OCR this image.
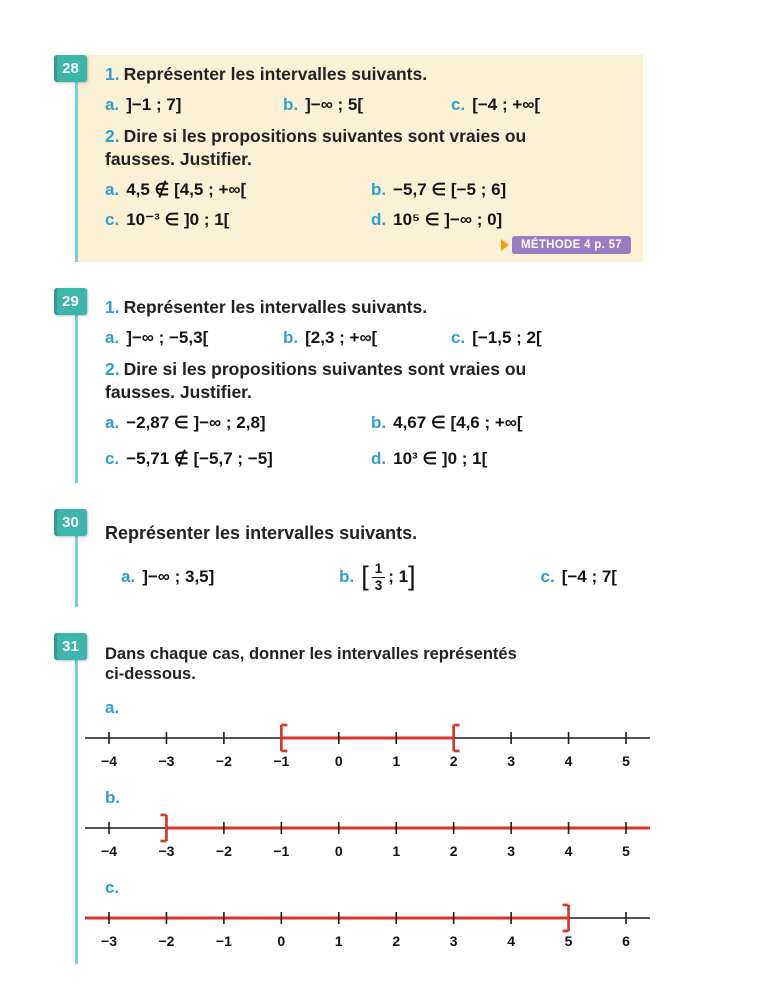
28	1. Représenter les intervalles suivants.

a. ]−1 ; 7]	b. ]−∞ ; 5[	c. [−4 ; +∞[

2. Dire si les propositions suivantes sont vraies ou fausses. Justifier.

a. 4,5 ∉ [4,5 ; +∞[	b. −5,7 ∈ [−5 ; 6]
c. 10⁻³ ∈ ]0 ; 1[	d. 10⁵ ∈ ]−∞ ; 0]
MÉTHODE 4 p. 57
29	1. Représenter les intervalles suivants.

a. ]−∞ ; −5,3[	b. [2,3 ; +∞[	c. [−1,5 ; 2[

2. Dire si les propositions suivantes sont vraies ou fausses. Justifier.

a. −2,87 ∈ ]−∞ ; 2,8]	b. 4,67 ∈ [4,6 ; +∞[
c. −5,71 ∉ [−5,7 ; −5]	d. 10³ ∈ ]0 ; 1[
30

Représenter les intervalles suivants.

a. ]−∞ ; 3,5]	b. [ $\frac{1}{3}$ ; 1 ]	c. [−4 ; 7[
31	Dans chaque cas, donner les intervalles représentés

ci-dessous.

a.

−4	−3	−2	−1	0	1	2	3	4	5

b.

−4	−3	−2	−1	0	1	2	3	4	5

c.

−3	−2	−1	0	1	2	3	4	5	6
